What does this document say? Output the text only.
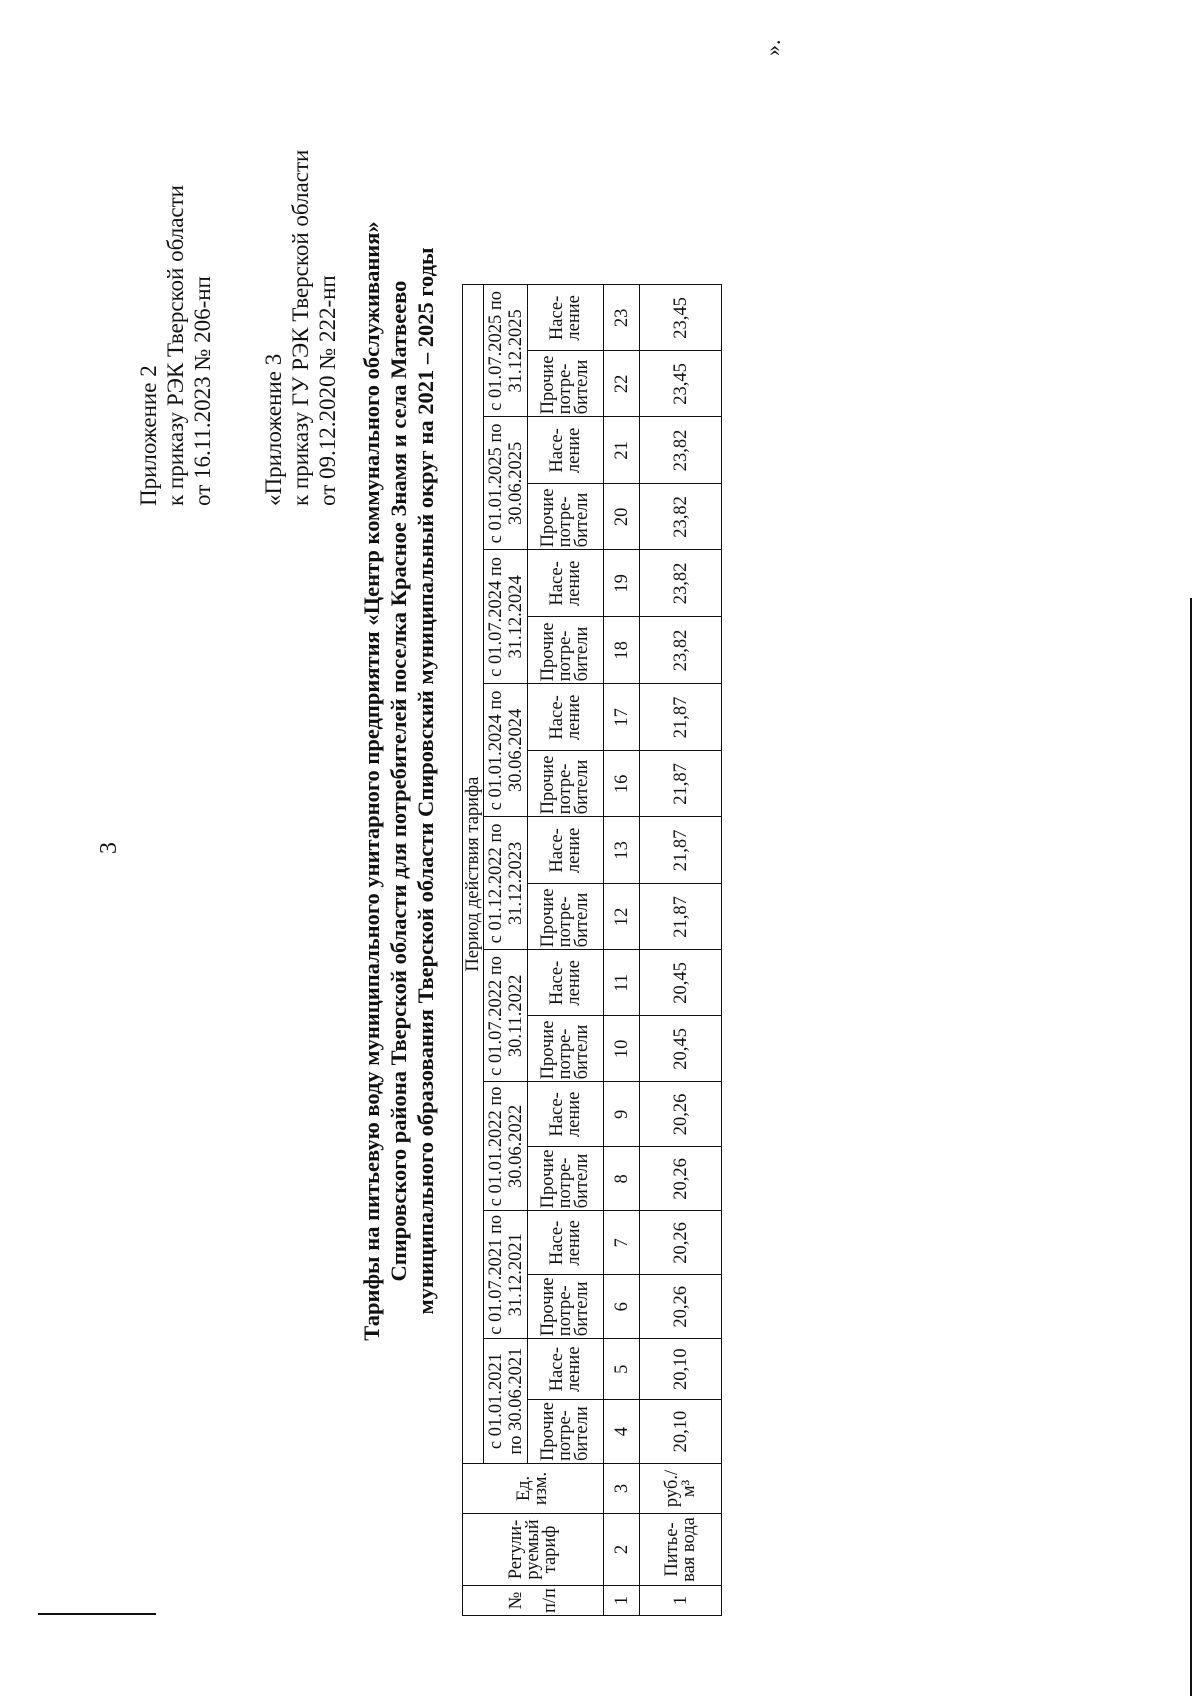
3
Приложение 2 к приказу РЭК Тверской области от 16.11.2023 № 206-нп «Приложение 3 к приказу ГУ РЭК Тверской области от 09.12.2020 № 222-нп Тарифы на питьевую воду муниципального унитарного предприятия «Центр коммунального обслуживания» Спировского района Тверской области для потребителей поселка Красное Знамя и села Матвеево муниципального образования Тверской области Спировский муниципальный округ на 2021 – 2025 годы
№ п/п	Регули-руемый тариф	Ед. изм.	Период действия тарифа																	
			с 01.01.2021 по 30.06.2021		с 01.07.2021 по 31.12.2021		с 01.01.2022 по 30.06.2022		с 01.07.2022 по 30.11.2022		с 01.12.2022 по 31.12.2023		с 01.01.2024 по 30.06.2024		с 01.07.2024 по 31.12.2024		с 01.01.2025 по 30.06.2025		с 01.07.2025 по 31.12.2025	
			Прочие потре-бители	Насе-ление	Прочие потре-бители	Насе-ление	Прочие потре-бители	Насе-ление	Прочие потре-бители	Насе-ление	Прочие потре-бители	Насе-ление	Прочие потре-бители	Насе-ление	Прочие потре-бители	Насе-ление	Прочие потре-бители	Насе-ление	Прочие потре-бители	Насе-ление
1	2	3	4	5	6	7	8	9	10	11	12	13	16	17	18	19	20	21	22	23
1	Питье-вая вода	руб./м³	20,10	20,10	20,26	20,26	20,26	20,26	20,45	20,45	21,87	21,87	21,87	21,87	23,82	23,82	23,82	23,82	23,45	23,45
».
